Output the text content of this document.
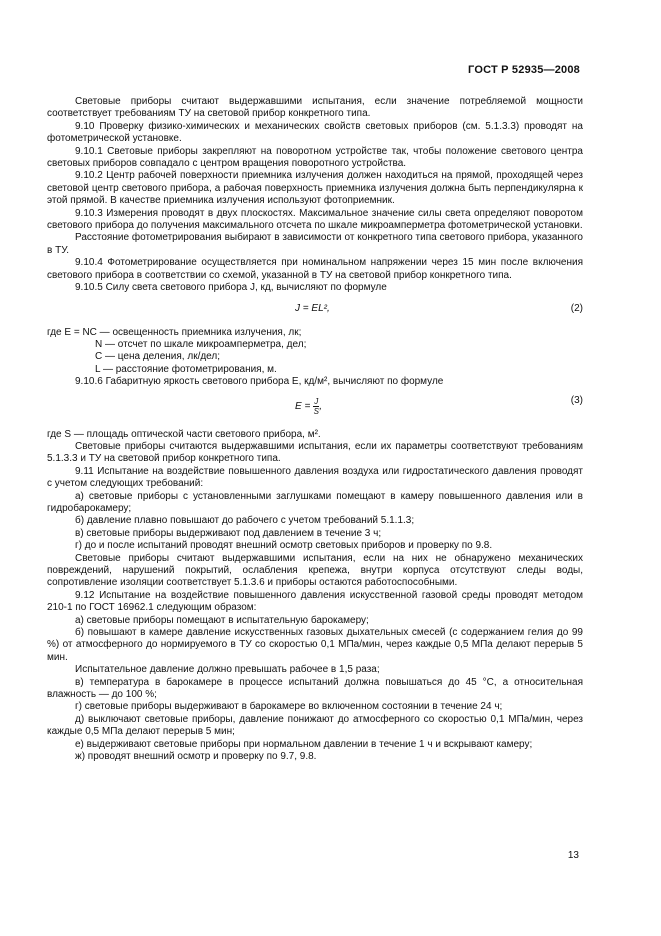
ГОСТ Р 52935—2008

Световые приборы считают выдержавшими испытания, если значение потребляемой мощности соответствует требованиям ТУ на световой прибор конкретного типа.

9.10 Проверку физико-химических и механических свойств световых приборов (см. 5.1.3.3) проводят на фотометрической установке.

9.10.1 Световые приборы закрепляют на поворотном устройстве так, чтобы положение светового центра световых приборов совпадало с центром вращения поворотного устройства.

9.10.2 Центр рабочей поверхности приемника излучения должен находиться на прямой, проходящей через световой центр светового прибора, а рабочая поверхность приемника излучения должна быть перпендикулярна к этой прямой. В качестве приемника излучения используют фотоприемник.

9.10.3 Измерения проводят в двух плоскостях. Максимальное значение силы света определяют поворотом светового прибора до получения максимального отсчета по шкале микроамперметра фотометрической установки.

Расстояние фотометрирования выбирают в зависимости от конкретного типа светового прибора, указанного в ТУ.

9.10.4 Фотометрирование осуществляется при номинальном напряжении через 15 мин после включения светового прибора в соответствии со схемой, указанной в ТУ на световой прибор конкретного типа.

9.10.5 Силу света светового прибора J, кд, вычисляют по формуле

J = EL²,	(2)

где E = NC — освещенность приемника излучения, лк;

N — отсчет по шкале микроамперметра, дел;

C — цена деления, лк/дел;

L — расстояние фотометрирования, м.

9.10.6 Габаритную яркость светового прибора E, кд/м², вычисляют по формуле

$E = \frac{J}{S}$ ,
(3)

где S — площадь оптической части светового прибора, м².

Световые приборы считаются выдержавшими испытания, если их параметры соответствуют требованиям 5.1.3.3 и ТУ на световой прибор конкретного типа.

9.11 Испытание на воздействие повышенного давления воздуха или гидростатического давления проводят с учетом следующих требований:

а) световые приборы с установленными заглушками помещают в камеру повышенного давления или в гидробарокамеру;

б) давление плавно повышают до рабочего с учетом требований 5.1.1.3;

в) световые приборы выдерживают под давлением в течение 3 ч;

г) до и после испытаний проводят внешний осмотр световых приборов и проверку по 9.8.

Световые приборы считают выдержавшими испытания, если на них не обнаружено механических повреждений, нарушений покрытий, ослабления крепежа, внутри корпуса отсутствуют следы воды, сопротивление изоляции соответствует 5.1.3.6 и приборы остаются работоспособными.

9.12 Испытание на воздействие повышенного давления искусственной газовой среды проводят методом 210-1 по ГОСТ 16962.1 следующим образом:

а) световые приборы помещают в испытательную барокамеру;

б) повышают в камере давление искусственных газовых дыхательных смесей (с содержанием гелия до 99 %) от атмосферного до нормируемого в ТУ со скоростью 0,1 МПа/мин, через каждые 0,5 МПа делают перерыв 5 мин.

Испытательное давление должно превышать рабочее в 1,5 раза;

в) температура в барокамере в процессе испытаний должна повышаться до 45 °С, а относительная влажность — до 100 %;

г) световые приборы выдерживают в барокамере во включенном состоянии в течение 24 ч;

д) выключают световые приборы, давление понижают до атмосферного со скоростью 0,1 МПа/мин, через каждые 0,5 МПа делают перерыв 5 мин;

е) выдерживают световые приборы при нормальном давлении в течение 1 ч и вскрывают камеру;

ж) проводят внешний осмотр и проверку по 9.7, 9.8.

13
